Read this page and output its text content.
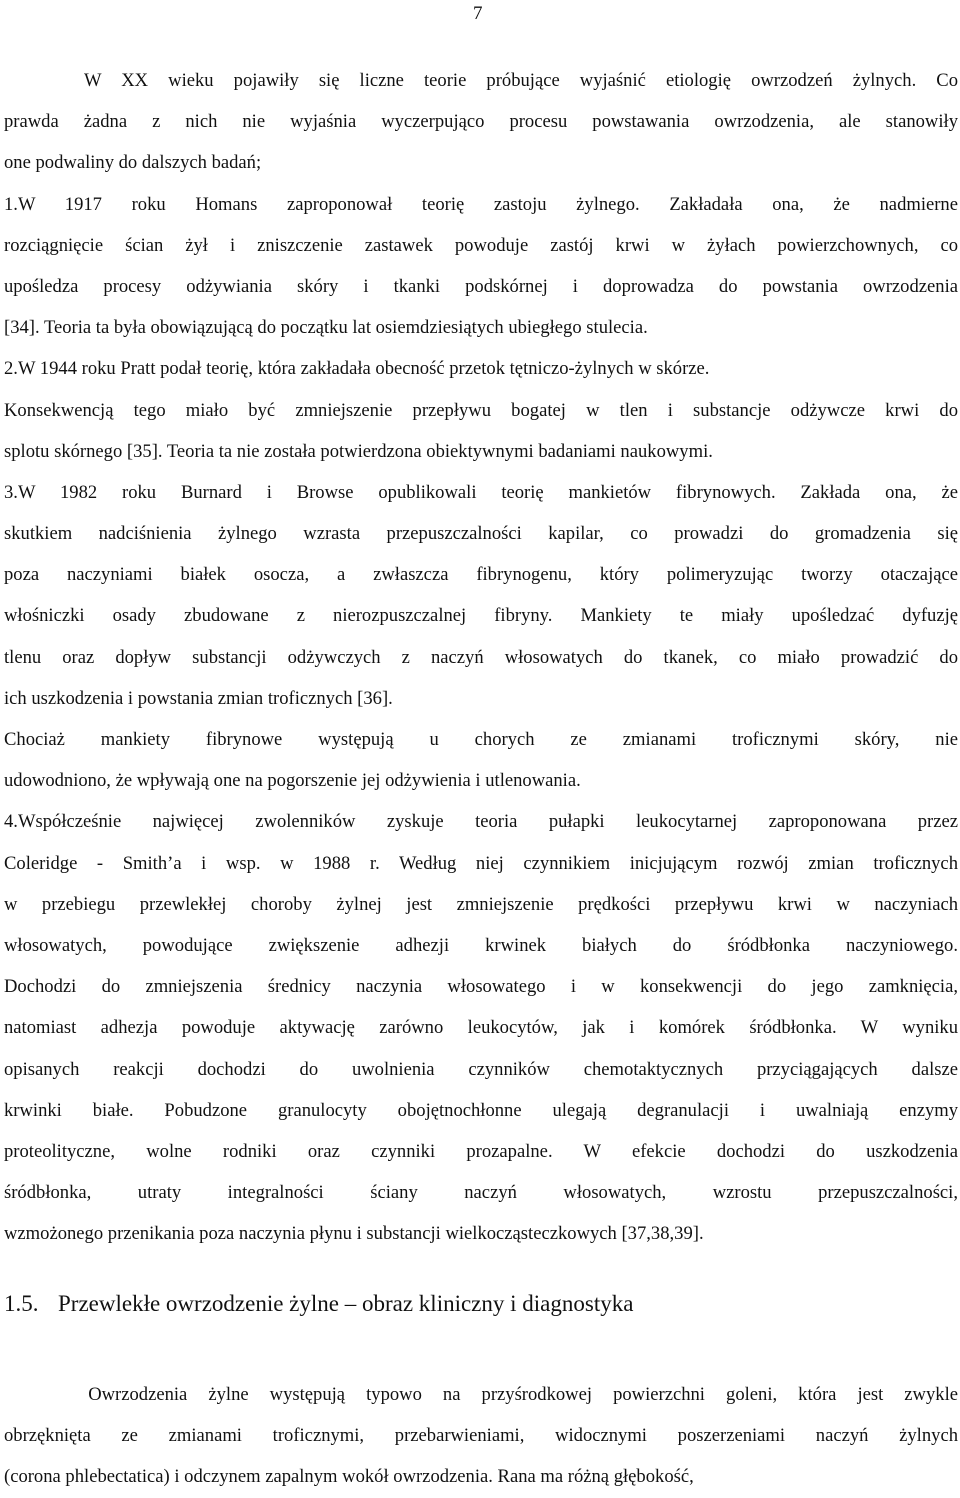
7
W XX wieku pojawiły się liczne teorie próbujące wyjaśnić etiologię owrzodzeń żylnych. Co
prawda żadna z nich nie wyjaśnia wyczerpująco procesu powstawania owrzodzenia, ale stanowiły
one podwaliny do dalszych badań;
1.W 1917 roku Homans zaproponował teorię zastoju żylnego. Zakładała ona, że nadmierne
rozciągnięcie ścian żył i zniszczenie zastawek powoduje zastój krwi w żyłach powierzchownych, co
upośledza procesy odżywiania skóry i tkanki podskórnej i doprowadza do powstania owrzodzenia
[34]. Teoria ta była obowiązującą do początku lat osiemdziesiątych ubiegłego stulecia.
2.W 1944 roku Pratt podał teorię, która zakładała obecność przetok tętniczo-żylnych w skórze.
Konsekwencją tego miało być zmniejszenie przepływu bogatej w tlen i substancje odżywcze krwi do
splotu skórnego [35]. Teoria ta nie została potwierdzona obiektywnymi badaniami naukowymi.
3.W 1982 roku Burnard i Browse opublikowali teorię mankietów fibrynowych. Zakłada ona, że
skutkiem nadciśnienia żylnego wzrasta przepuszczalności kapilar, co prowadzi do gromadzenia się
poza naczyniami białek osocza, a zwłaszcza fibrynogenu, który polimeryzując tworzy otaczające
włośniczki osady zbudowane z nierozpuszczalnej fibryny. Mankiety te miały upośledzać dyfuzję
tlenu oraz dopływ substancji odżywczych z naczyń włosowatych do tkanek, co miało prowadzić do
ich uszkodzenia i powstania zmian troficznych [36].
Chociaż mankiety fibrynowe występują u chorych ze zmianami troficznymi skóry, nie
udowodniono, że wpływają one na pogorszenie jej odżywienia i utlenowania.
4.Współcześnie najwięcej zwolenników zyskuje teoria pułapki leukocytarnej zaproponowana przez
Coleridge - Smith’a i wsp. w 1988 r. Według niej czynnikiem inicjującym rozwój zmian troficznych
w przebiegu przewlekłej choroby żylnej jest zmniejszenie prędkości przepływu krwi w naczyniach
włosowatych, powodujące zwiększenie adhezji krwinek białych do śródbłonka naczyniowego.
Dochodzi do zmniejszenia średnicy naczynia włosowatego i w konsekwencji do jego zamknięcia,
natomiast adhezja powoduje aktywację zarówno leukocytów, jak i komórek śródbłonka. W wyniku
opisanych reakcji dochodzi do uwolnienia czynników chemotaktycznych przyciągających dalsze
krwinki białe. Pobudzone granulocyty obojętnochłonne ulegają degranulacji i uwalniają enzymy
proteolityczne, wolne rodniki oraz czynniki prozapalne. W efekcie dochodzi do uszkodzenia
śródbłonka, utraty integralności ściany naczyń włosowatych, wzrostu przepuszczalności,
wzmożonego przenikania poza naczynia płynu i substancji wielkocząsteczkowych [37,38,39].
1.5. Przewlekłe owrzodzenie żylne – obraz kliniczny i diagnostyka
Owrzodzenia żylne występują typowo na przyśrodkowej powierzchni goleni, która jest zwykle
obrzęknięta ze zmianami troficznymi, przebarwieniami, widocznymi poszerzeniami naczyń żylnych
(corona phlebectatica) i odczynem zapalnym wokół owrzodzenia. Rana ma różną głębokość,
